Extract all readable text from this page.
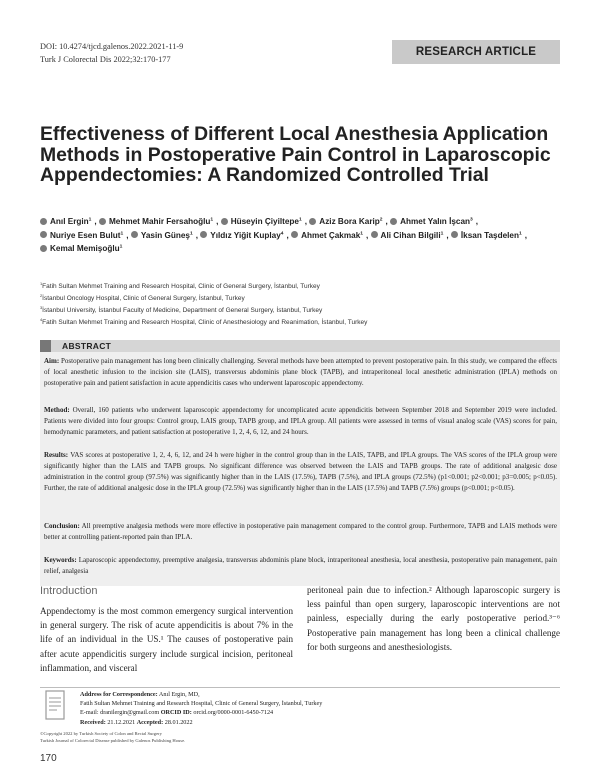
DOI: 10.4274/tjcd.galenos.2022.2021-11-9
Turk J Colorectal Dis 2022;32:170-177
RESEARCH ARTICLE
Effectiveness of Different Local Anesthesia Application Methods in Postoperative Pain Control in Laparoscopic Appendectomies: A Randomized Controlled Trial
Anıl Ergin$^1$ , Mehmet Mahir Fersahoğlu$^1$ , Hüseyin Çiyiltepe$^1$ , Aziz Bora Karip$^2$ , Ahmet Yalın İşcan$^3$ , Nuriye Esen Bulut$^1$ , Yasin Güneş$^1$ , Yıldız Yiğit Kuplay$^4$ , Ahmet Çakmak$^1$ , Ali Cihan Bilgili$^1$ , İksan Taşdelen$^1$ , Kemal Memişoğlu$^1$
$^1$Fatih Sultan Mehmet Training and Research Hospital, Clinic of General Surgery, İstanbul, Turkey
$^2$İstanbul Oncology Hospital, Clinic of General Surgery, İstanbul, Turkey
$^3$İstanbul University, İstanbul Faculty of Medicine, Department of General Surgery, İstanbul, Turkey
$^4$Fatih Sultan Mehmet Training and Research Hospital, Clinic of Anesthesiology and Reanimation, İstanbul, Turkey
ABSTRACT
Aim: Postoperative pain management has long been clinically challenging. Several methods have been attempted to prevent postoperative pain. In this study, we compared the effects of local anesthetic infusion to the incision site (LAIS), transversus abdominis plane block (TAPB), and intraperitoneal local anesthetic administration (IPLA) methods on postoperative pain and patient satisfaction in acute appendicitis cases who underwent laparoscopic appendectomy.
Method: Overall, 160 patients who underwent laparoscopic appendectomy for uncomplicated acute appendicitis between September 2018 and September 2019 were included. Patients were divided into four groups: Control group, LAIS group, TAPB group, and IPLA group. All patients were assessed in terms of visual analog scale (VAS) scores for pain, hemodynamic parameters, and patient satisfaction at postoperative 1, 2, 4, 6, 12, and 24 hours.
Results: VAS scores at postoperative 1, 2, 4, 6, 12, and 24 h were higher in the control group than in the LAIS, TAPB, and IPLA groups. The VAS scores of the IPLA group were significantly higher than the LAIS and TAPB groups. No significant difference was observed between the LAIS and TAPB groups. The rate of additional analgesic dose administration in the control group (97.5%) was significantly higher than in the LAIS (17.5%), TAPB (7.5%), and IPLA groups (72.5%) (p1<0.001; p2<0.001; p3=0.005; p<0.05). Further, the rate of additional analgesic dose in the IPLA group (72.5%) was significantly higher than in the LAIS (17.5%) and TAPB (7.5%) groups (p<0.001; p<0.05).
Conclusion: All preemptive analgesia methods were more effective in postoperative pain management compared to the control group. Furthermore, TAPB and LAIS methods were better at controlling patient-reported pain than IPLA.
Keywords: Laparoscopic appendectomy, preemptive analgesia, transversus abdominis plane block, intraperitoneal anesthesia, local anesthesia, postoperative pain management, pain relief, analgesia
Introduction
Appendectomy is the most common emergency surgical intervention in general surgery. The risk of acute appendicitis is about 7% in the life of an individual in the US.¹ The causes of postoperative pain after acute appendicitis surgery include surgical incision, peritoneal inflammation, and visceral
peritoneal pain due to infection.² Although laparoscopic surgery is less painful than open surgery, laparoscopic interventions are not painless, especially during the early postoperative period.³⁻⁶ Postoperative pain management has long been a clinical challenge for both surgeons and anesthesiologists.
Address for Correspondence: Anıl Ergin, MD,
Fatih Sultan Mehmet Training and Research Hospital, Clinic of General Surgery, İstanbul, Turkey
E-mail: drаnilergin@gmail.com ORCID ID: orcid.org/0000-0001-6450-7124
Received: 21.12.2021 Accepted: 28.01.2022
©Copyright 2022 by Turkish Society of Colon and Rectal Surgery
Turkish Journal of Colorectal Disease published by Galenos Publishing House.
170
